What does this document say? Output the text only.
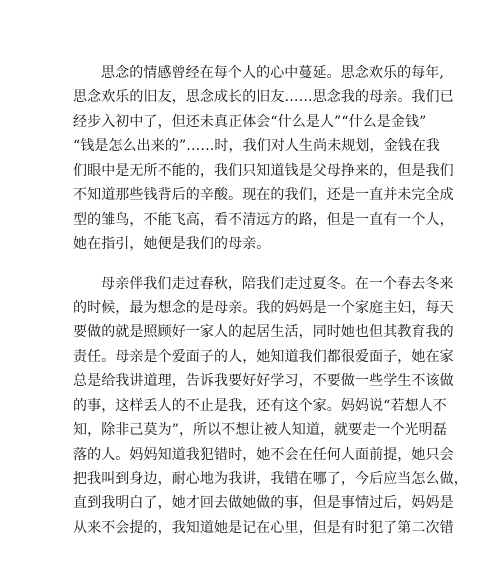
思念的情感曾经在每个人的心中蔓延。思念欢乐的每年,
思念欢乐的旧友，思念成长的旧友……思念我的母亲。我们已
经步入初中了，但还未真正体会“什么是人”“什么是金钱”
“钱是怎么出来的”……时，我们对人生尚未规划，金钱在我
们眼中是无所不能的，我们只知道钱是父母挣来的，但是我们
不知道那些钱背后的辛酸。现在的我们，还是一直并未完全成
型的雏鸟，不能飞高，看不清远方的路，但是一直有一个人，
她在指引，她便是我们的母亲。

母亲伴我们走过春秋，陪我们走过夏冬。在一个春去冬来
的时候，最为想念的是母亲。我的妈妈是一个家庭主妇，每天
要做的就是照顾好一家人的起居生活，同时她也但其教育我的
责任。母亲是个爱面子的人，她知道我们都很爱面子，她在家
总是给我讲道理，告诉我要好好学习，不要做一些学生不该做
的事，这样丢人的不止是我，还有这个家。妈妈说“若想人不
知，除非己莫为”，所以不想让被人知道，就要走一个光明磊
落的人。妈妈知道我犯错时，她不会在任何人面前提，她只会
把我叫到身边，耐心地为我讲，我错在哪了，今后应当怎么做，
直到我明白了，她才回去做她做的事，但是事情过后，妈妈是
从来不会提的，我知道她是记在心里，但是有时犯了第二次错
